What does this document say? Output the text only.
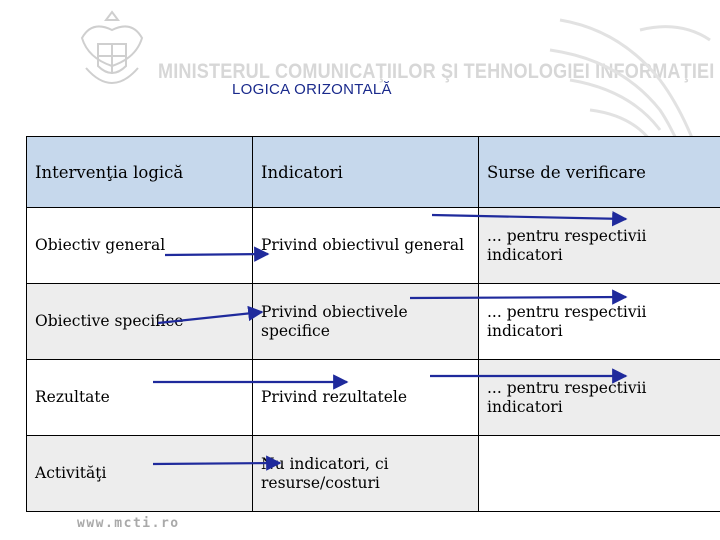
MINISTERUL COMUNICAŢIILOR ŞI TEHNOLOGIEI INFORMAŢIEI
LOGICA ORIZONTALĂ
Intervenţia logică	Indicatori	Surse de verificare
Obiectiv general	Privind obiectivul general	... pentru respectivii indicatori
Obiective specifice	Privind obiectivele specifice	... pentru respectivii indicatori
Rezultate	Privind rezultatele	... pentru respectivii indicatori
Activităţi	Nu indicatori, ci resurse/costuri	
www.mcti.ro
